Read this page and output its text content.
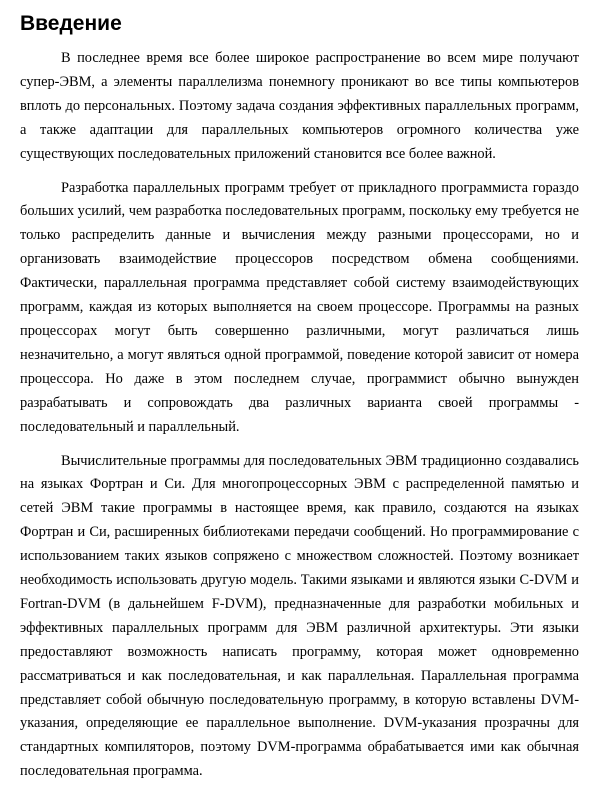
Введение

В последнее время все более широкое распространение во всем мире получают супер-ЭВМ, а элементы параллелизма понемногу проникают во все типы компьютеров вплоть до персональных. Поэтому задача создания эффективных параллельных программ, а также адаптации для параллельных компьютеров огромного количества уже существующих последовательных приложений становится все более важной.

Разработка параллельных программ требует от прикладного программиста гораздо больших усилий, чем разработка последовательных программ, поскольку ему требуется не только распределить данные и вычисления между разными процессорами, но и организовать взаимодействие процессоров посредством обмена сообщениями. Фактически, параллельная программа представляет собой систему взаимодействующих программ, каждая из которых выполняется на своем процессоре. Программы на разных процессорах могут быть совершенно различными, могут различаться лишь незначительно, а могут являться одной программой, поведение которой зависит от номера процессора. Но даже в этом последнем случае, программист обычно вынужден разрабатывать и сопровождать два различных варианта своей программы - последовательный и параллельный.

Вычислительные программы для последовательных ЭВМ традиционно создавались на языках Фортран и Си. Для многопроцессорных ЭВМ с распределенной памятью и сетей ЭВМ такие программы в настоящее время, как правило, создаются на языках Фортран и Си, расширенных библиотеками передачи сообщений. Но программирование с использованием таких языков сопряжено с множеством сложностей. Поэтому возникает необходимость использовать другую модель. Такими языками и являются языки C-DVM и Fortran-DVM (в дальнейшем F-DVM), предназначенные для разработки мобильных и эффективных параллельных программ для ЭВМ различной архитектуры. Эти языки предоставляют возможность написать программу, которая может одновременно рассматриваться и как последовательная, и как параллельная. Параллельная программа представляет собой обычную последовательную программу, в которую вставлены DVM-указания, определяющие ее параллельное выполнение. DVM-указания прозрачны для стандартных компиляторов, поэтому DVM-программа обрабатывается ими как обычная последовательная программа.
